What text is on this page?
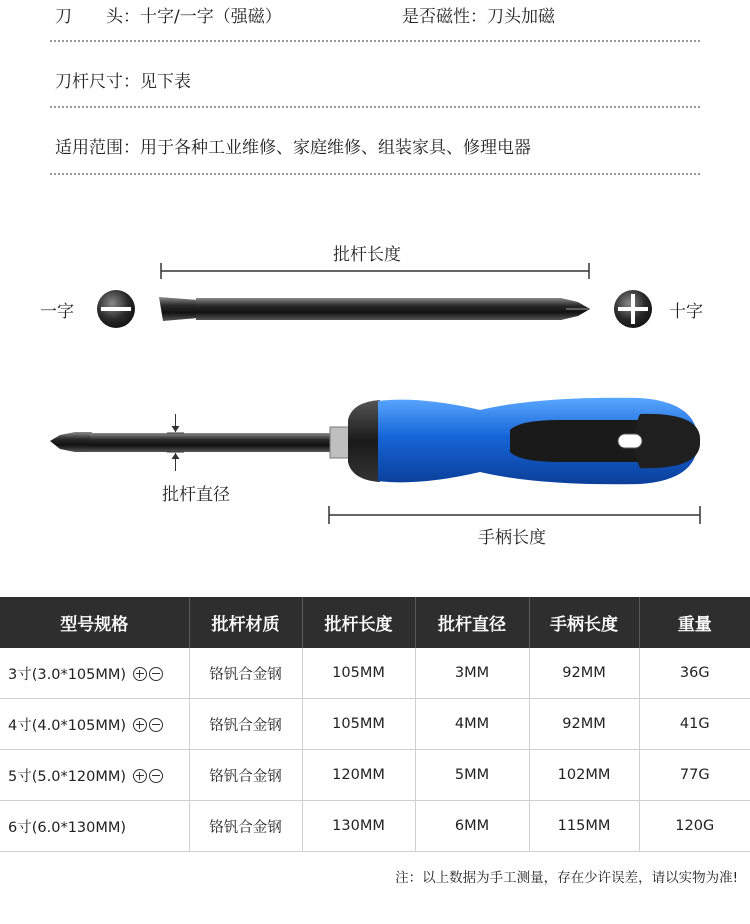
刀　　头：十字/一字（强磁）	是否磁性：刀头加磁
刀杆尺寸：见下表
适用范围：用于各种工业维修、家庭维修、组装家具、修理电器
批杆长度
一字	十字
批杆直径
手柄长度
型号规格	批杆材质	批杆长度	批杆直径	手柄长度	重量
3寸(3.0*105MM)	铬钒合金钢	105MM	3MM	92MM	36G
4寸(4.0*105MM)	铬钒合金钢	105MM	4MM	92MM	41G
5寸(5.0*120MM)	铬钒合金钢	120MM	5MM	102MM	77G
6寸(6.0*130MM)	铬钒合金钢	130MM	6MM	115MM	120G
注：以上数据为手工测量，存在少许误差，请以实物为准!
